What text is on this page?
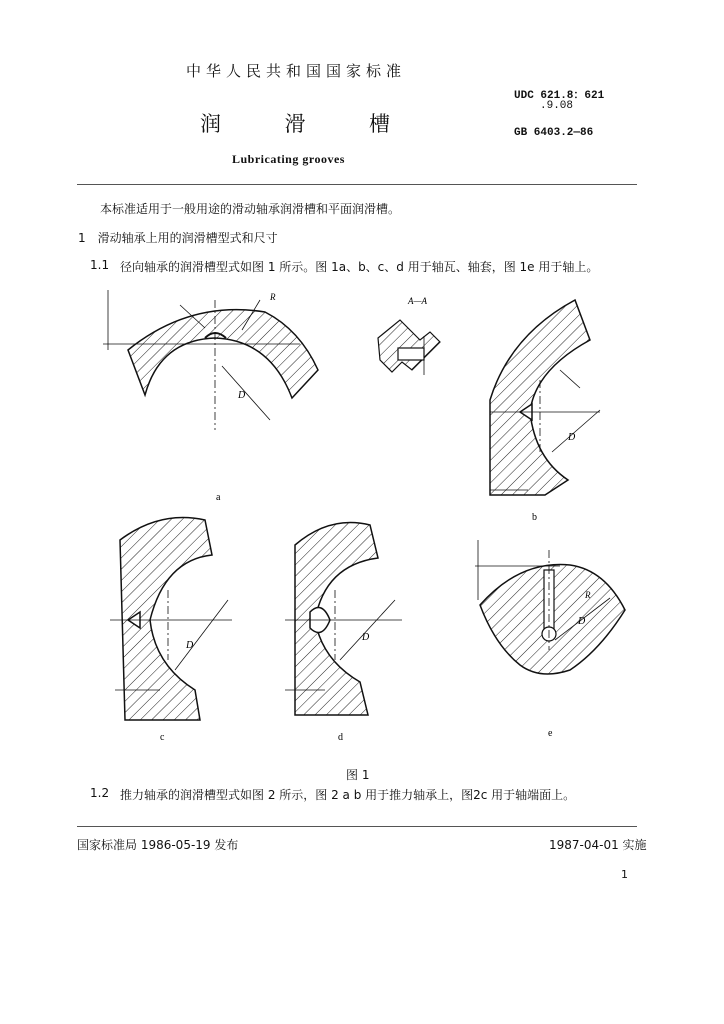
中华人民共和国国家标准
UDC 621.8：621
.9.08
润	滑	槽	GB 6403.2—86
Lubricating grooves
本标准适用于一般用途的滑动轴承润滑槽和平面润滑槽。
1　滑动轴承上用的润滑槽型式和尺寸
1.1 径向轴承的润滑槽型式如图 1 所示。图 1a、b、c、d 用于轴瓦、轴套，图 1e 用于轴上。
D
R
a
A—A
D
b
D
c
D
d
R
D
e
图 1
1.2 推力轴承的润滑槽型式如图 2 所示，图 2 a b 用于推力轴承上，图2c 用于轴端面上。
国家标准局 1986-05-19 发布	1987-04-01 实施
1
